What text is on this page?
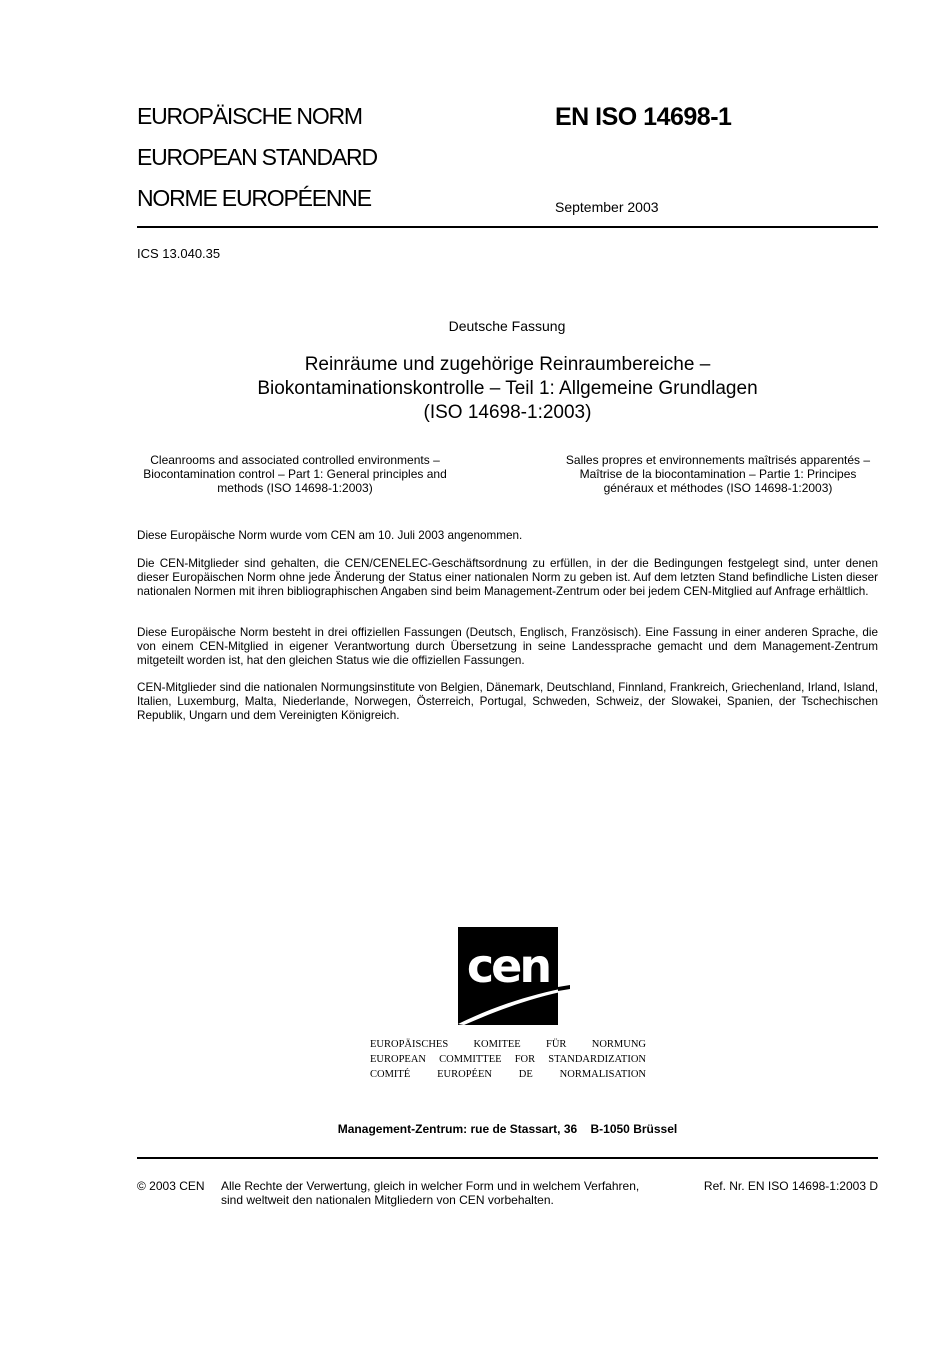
EUROPÄISCHE NORM
EUROPEAN STANDARD
NORME EUROPÉENNE
EN ISO 14698-1
September 2003
ICS 13.040.35
Deutsche Fassung
Reinräume und zugehörige Reinraumbereiche –
Biokontaminationskontrolle – Teil 1: Allgemeine Grundlagen
(ISO 14698-1:2003)
Cleanrooms and associated controlled environments – Biocontamination control – Part 1: General principles and methods (ISO 14698-1:2003)
Salles propres et environnements maîtrisés apparentés – Maîtrise de la biocontamination – Partie 1: Principes généraux et méthodes (ISO 14698-1:2003)
Diese Europäische Norm wurde vom CEN am 10. Juli 2003 angenommen.
Die CEN-Mitglieder sind gehalten, die CEN/CENELEC-Geschäftsordnung zu erfüllen, in der die Bedingungen festgelegt sind, unter denen dieser Europäischen Norm ohne jede Änderung der Status einer nationalen Norm zu geben ist. Auf dem letzten Stand befindliche Listen dieser nationalen Normen mit ihren bibliographischen Angaben sind beim Management-Zentrum oder bei jedem CEN-Mitglied auf Anfrage erhältlich.
Diese Europäische Norm besteht in drei offiziellen Fassungen (Deutsch, Englisch, Französisch). Eine Fassung in einer anderen Sprache, die von einem CEN-Mitglied in eigener Verantwortung durch Übersetzung in seine Landessprache gemacht und dem Management-Zentrum mitgeteilt worden ist, hat den gleichen Status wie die offiziellen Fassungen.
CEN-Mitglieder sind die nationalen Normungsinstitute von Belgien, Dänemark, Deutschland, Finnland, Frankreich, Griechenland, Irland, Island, Italien, Luxemburg, Malta, Niederlande, Norwegen, Österreich, Portugal, Schweden, Schweiz, der Slowakei, Spanien, der Tschechischen Republik, Ungarn und dem Vereinigten Königreich.
cen
EUROPÄISCHES KOMITEE FÜR NORMUNG
EUROPEAN COMMITTEE FOR STANDARDIZATION
COMITÉ EUROPÉEN DE NORMALISATION
Management-Zentrum: rue de Stassart, 36    B-1050 Brüssel
© 2003 CEN Alle Rechte der Verwertung, gleich in welcher Form und in welchem Verfahren, sind weltweit den nationalen Mitgliedern von CEN vorbehalten.
Ref. Nr. EN ISO 14698-1:2003 D
